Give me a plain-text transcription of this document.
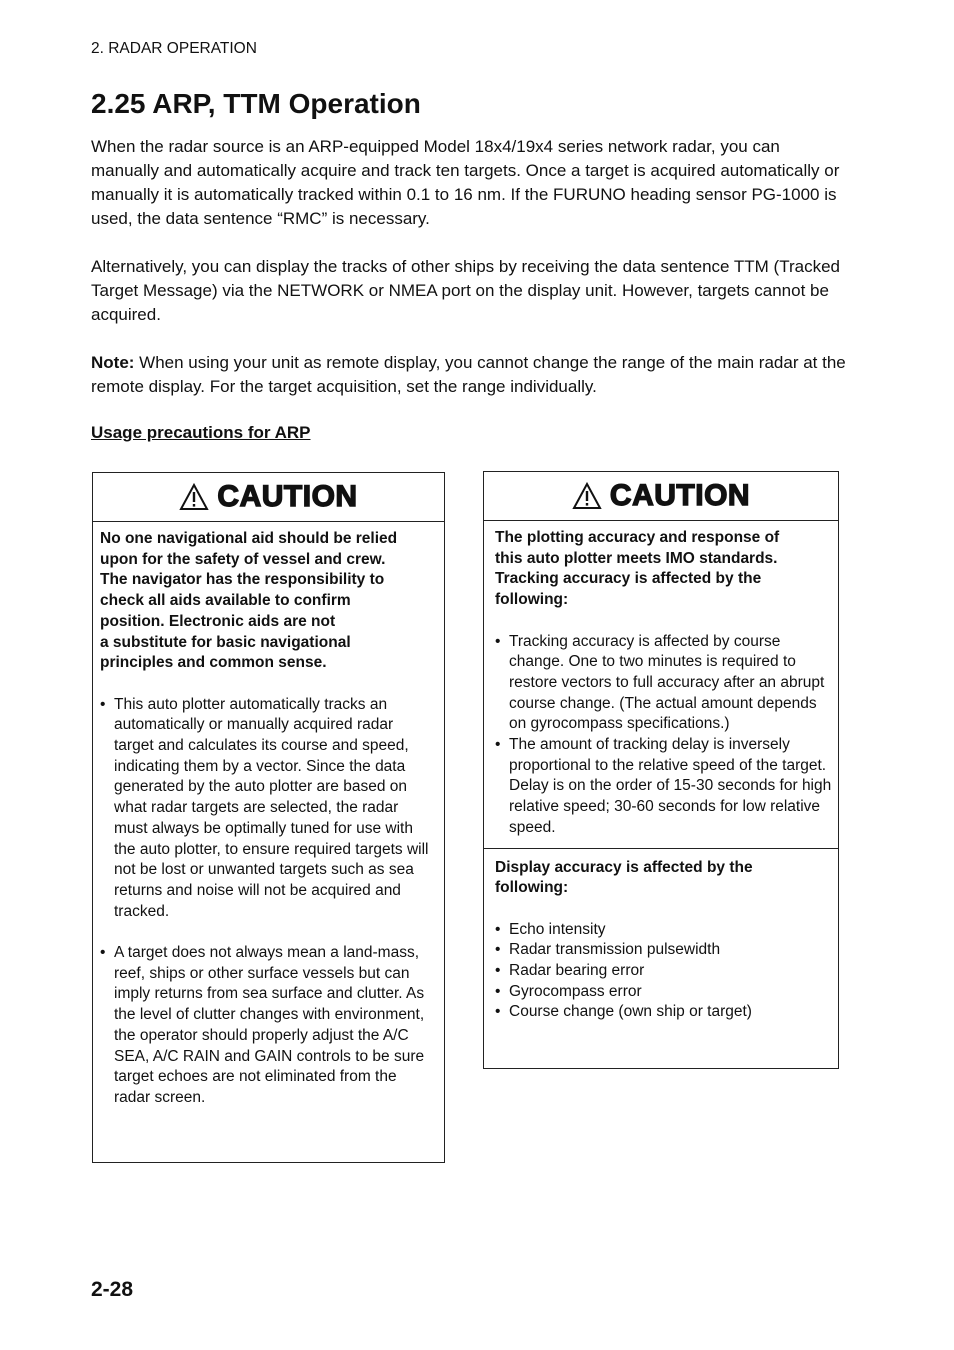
2. RADAR OPERATION
2.25 ARP, TTM Operation

When the radar source is an ARP-equipped Model 18x4/19x4 series network radar, you can manually and automatically acquire and track ten targets. Once a target is acquired automatically or manually it is automatically tracked within 0.1 to 16 nm. If the FURUNO heading sensor PG-1000 is used, the data sentence “RMC” is necessary.

Alternatively, you can display the tracks of other ships by receiving the data sentence TTM (Tracked Target Message) via the NETWORK or NMEA port on the display unit. However, targets cannot be acquired.

Note: When using your unit as remote display, you cannot change the range of the main radar at the remote display. For the target acquisition, set the range individually.

Usage precautions for ARP
CAUTION

No one navigational aid should be relied
upon for the safety of vessel and crew.
The navigator has the responsibility to
check all aids available to confirm
position. Electronic aids are not
a substitute for basic navigational
principles and common sense.

• This auto plotter automatically tracks an automatically or manually acquired radar target and calculates its course and speed, indicating them by a vector. Since the data generated by the auto plotter are based on what radar targets are selected, the radar must always be optimally tuned for use with the auto plotter, to ensure required targets will not be lost or unwanted targets such as sea returns and noise will not be acquired and tracked.
• A target does not always mean a land-mass, reef, ships or other surface vessels but can imply returns from sea surface and clutter. As the level of clutter changes with environment, the operator should properly adjust the A/C SEA, A/C RAIN and GAIN controls to be sure target echoes are not eliminated from the radar screen.
CAUTION

The plotting accuracy and response of
this auto plotter meets IMO standards.
Tracking accuracy is affected by the
following:

• Tracking accuracy is affected by course change. One to two minutes is required to restore vectors to full accuracy after an abrupt course change. (The actual amount depends on gyrocompass specifications.)
• The amount of tracking delay is inversely proportional to the relative speed of the target. Delay is on the order of 15-30 seconds for high relative speed; 30-60 seconds for low relative speed.

Display accuracy is affected by the
following:

• Echo intensity
• Radar transmission pulsewidth
• Radar bearing error
• Gyrocompass error
• Course change (own ship or target)
2-28
